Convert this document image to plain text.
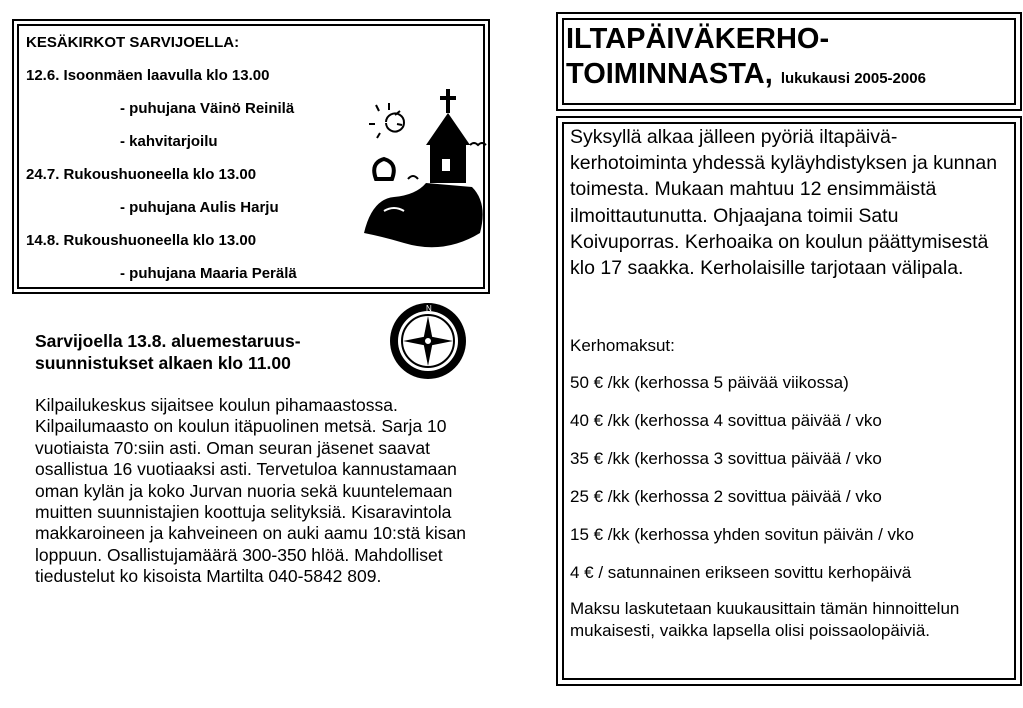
KESÄKIRKOT SARVIJOELLA:
12.6. Isoonmäen laavulla klo 13.00
- puhujana Väinö Reinilä
- kahvitarjoilu
24.7. Rukoushuoneella klo 13.00
- puhujana Aulis Harju
14.8. Rukoushuoneella klo 13.00
- puhujana Maaria Perälä
Sarvijoella 13.8. aluemestaruus-suunnistukset alkaen klo 11.00
N
Kilpailukeskus sijaitsee koulun pihamaastossa. Kilpailumaasto on koulun itäpuolinen metsä. Sarja 10 vuotiaista 70:siin asti. Oman seuran jäsenet saavat osallistua 16 vuotiaaksi asti. Tervetuloa kannustamaan oman kylän ja koko Jurvan nuoria sekä kuuntelemaan muitten suunnistajien koottuja selityksiä. Kisaravintola makkaroineen ja kahveineen on auki aamu 10:stä kisan loppuun. Osallistujamäärä 300-350 hlöä. Mahdolliset tiedustelut ko kisoista Martilta 040-5842 809.
ILTAPÄIVÄKERHO-
TOIMINNASTA, lukukausi 2005-2006
Syksyllä alkaa jälleen pyöriä iltapäivä-kerhotoiminta yhdessä kyläyhdistyksen ja kunnan toimesta. Mukaan mahtuu 12 ensimmäistä ilmoittautunutta. Ohjaajana toimii Satu Koivuporras. Kerhoaika on koulun päättymisestä klo 17 saakka. Kerholaisille tarjotaan välipala.
Kerhomaksut:
50 € /kk (kerhossa 5 päivää viikossa)
40 € /kk (kerhossa 4 sovittua päivää / vko
35 € /kk (kerhossa 3 sovittua päivää / vko
25 € /kk (kerhossa 2 sovittua päivää / vko
15 € /kk (kerhossa yhden sovitun päivän / vko
4 € / satunnainen erikseen sovittu kerhopäivä
Maksu laskutetaan kuukausittain tämän hinnoittelun mukaisesti, vaikka lapsella olisi poissaolopäiviä.
